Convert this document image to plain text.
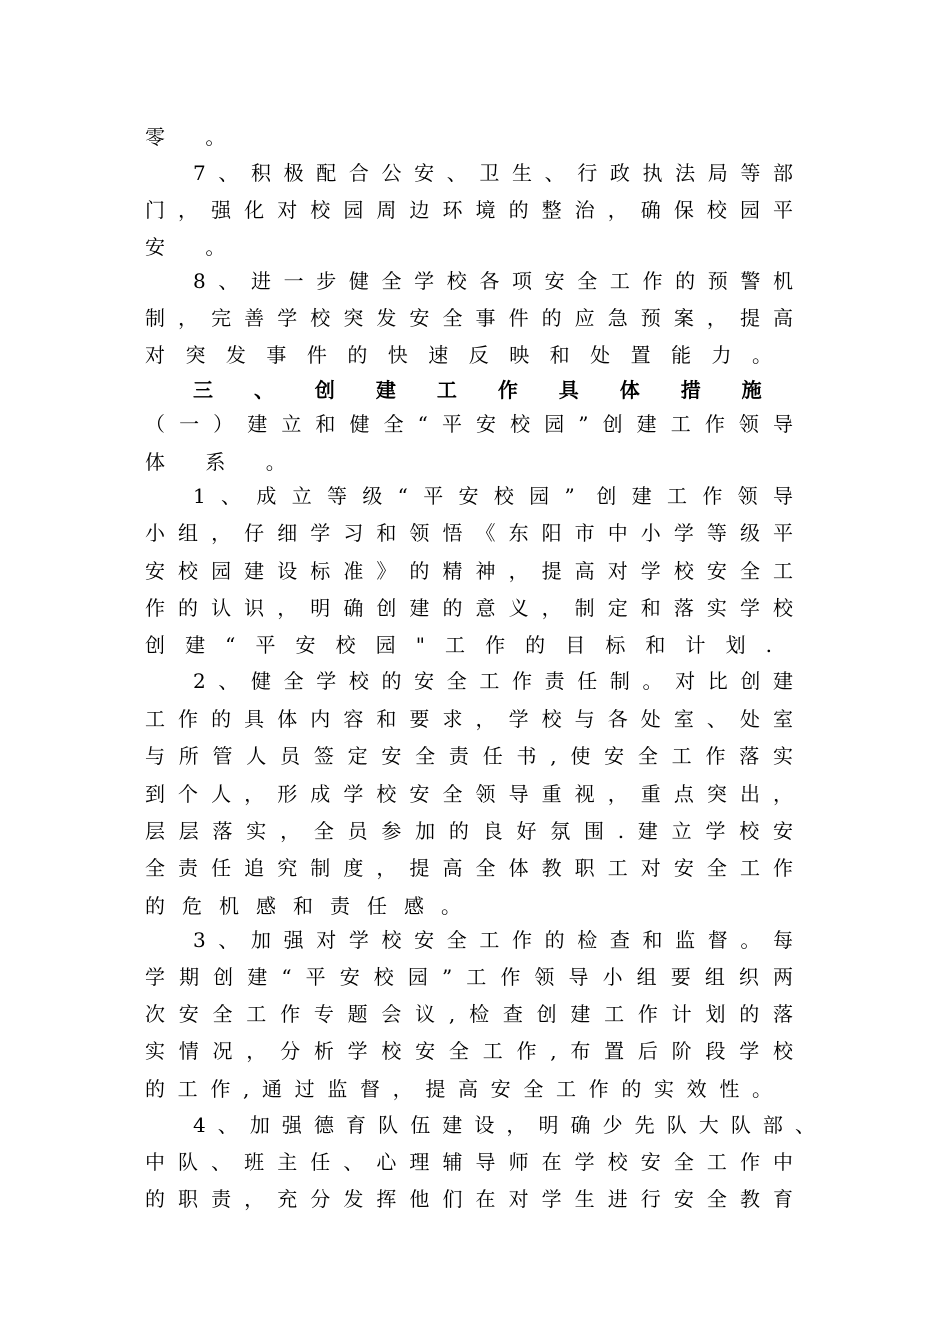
零 。
7、积极配合公安、卫生、行政执法局等部
门，强化对校园周边环境的整治，确保校园平
安 。
8、进一步健全学校各项安全工作的预警机
制，完善学校突发安全事件的应急预案，提高
对突发事件的快速反映和处置能力。
三 、 创 建 工 作 具 体 措 施
（一）建立和健全“平安校园”创建工作领导
体 系 。
1、成立等级“平安校园” 创建工作领导
小组，仔细学习和领悟《东阳市中小学等级平
安校园建设标准》的精神，提高对学校安全工
作的认识，明确创建的意义，制定和落实学校
创建“平安校园"工作的目标和计划.
2、健全学校的安全工作责任制。对比创建
工作的具体内容和要求，学校与各处室、处室
与所管人员签定安全责任书,使安全工作落实
到个人，形成学校安全领导重视，重点突出，
层层落实，全员参加的良好氛围.建立学校安
全责任追究制度，提高全体教职工对安全工作
的危机感和责任感。
3、加强对学校安全工作的检查和监督。每
学期创建“平安校园”工作领导小组要组织两
次安全工作专题会议,检查创建工作计划的落
实情况，分析学校安全工作,布置后阶段学校
的工作,通过监督，提高安全工作的实效性。
4、加强德育队伍建设，明确少先队大队部、
中队、班主任、心理辅导师在学校安全工作中
的职责，充分发挥他们在对学生进行安全教育
